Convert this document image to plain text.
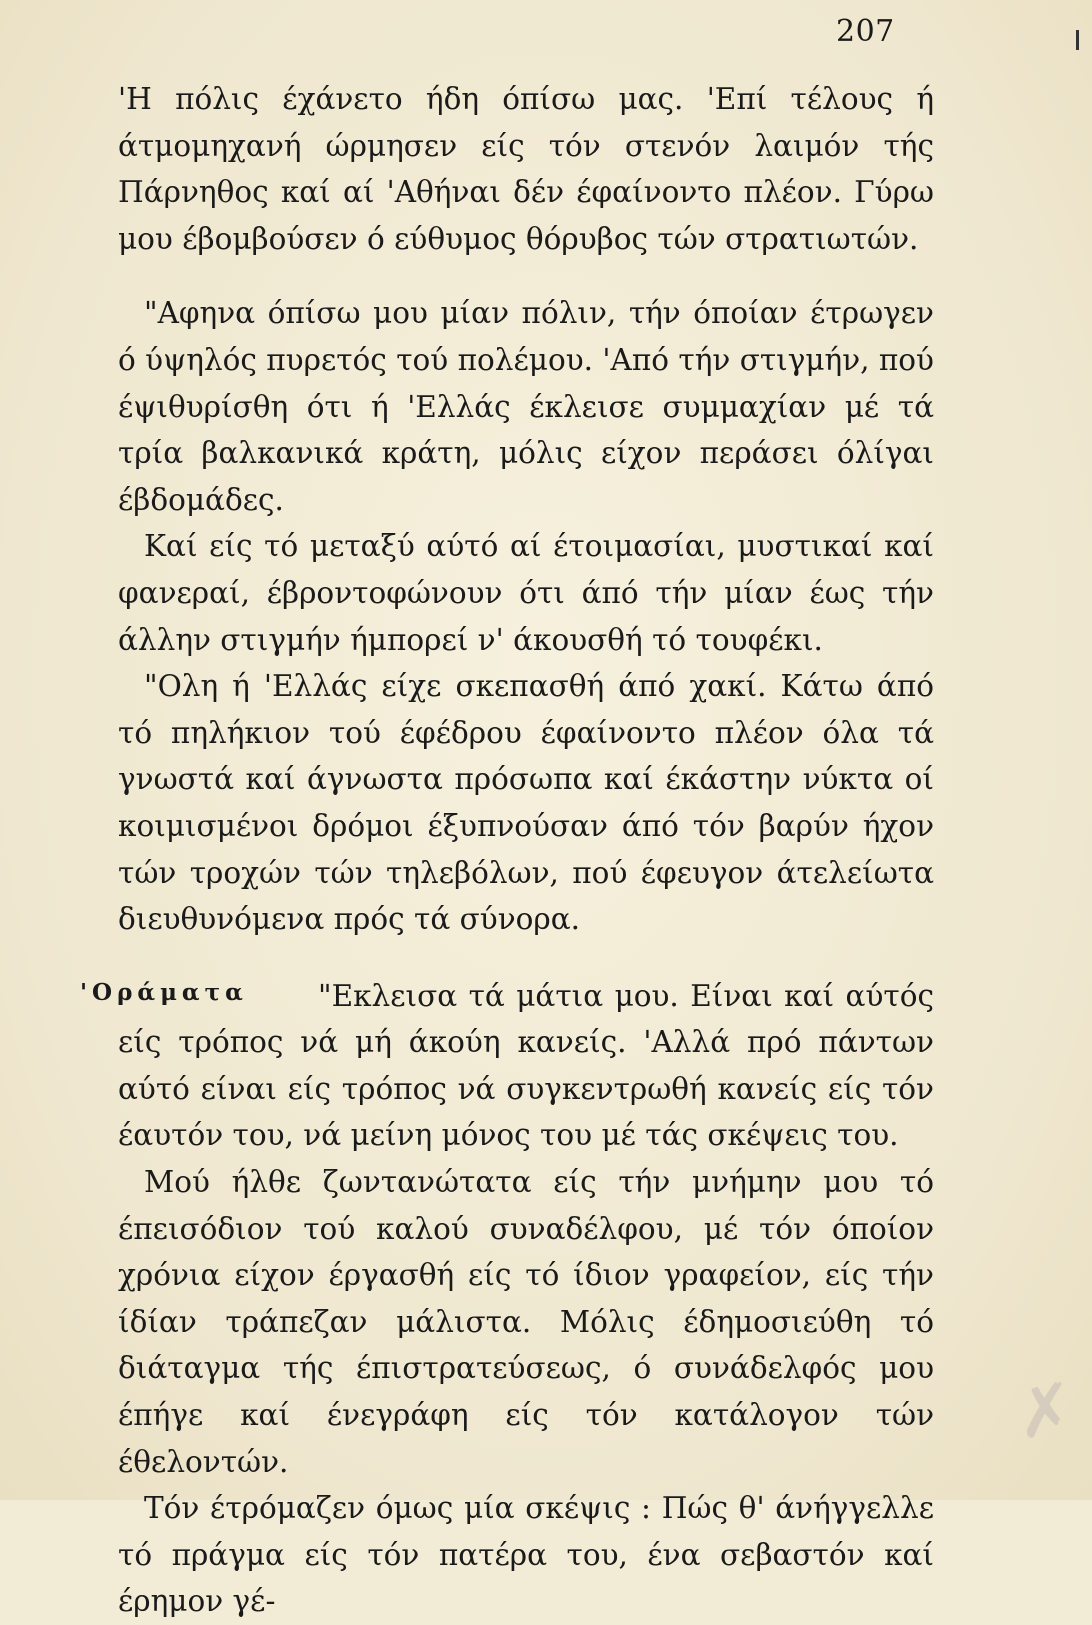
207

'Η πόλις έχάνετο ήδη όπίσω μας. 'Επί τέλους ή άτμομηχανή ώρμησεν είς τόν στενόν λαιμόν τής Πάρνηθος καί αί 'Αθήναι δέν έφαίνοντο πλέον. Γύρω μου έβομβούσεν ό εύθυμος θόρυβος τών στρατιωτών.

"Αφηνα όπίσω μου μίαν πόλιν, τήν όποίαν έτρωγεν ό ύψηλός πυρετός τού πολέμου. 'Από τήν στιγμήν, πού έψιθυρίσθη ότι ή 'Ελλάς έκλεισε συμμαχίαν μέ τά τρία βαλκανικά κράτη, μόλις είχον περάσει όλίγαι έβδομάδες.

Καί είς τό μεταξύ αύτό αί έτοιμασίαι, μυστικαί καί φανεραί, έβροντοφώνουν ότι άπό τήν μίαν έως τήν άλλην στιγμήν ήμπορεί ν' άκουσθή τό τουφέκι.

"Ολη ή 'Ελλάς είχε σκεπασθή άπό χακί. Κάτω άπό τό πηλήκιον τού έφέδρου έφαίνοντο πλέον όλα τά γνωστά καί άγνωστα πρόσωπα καί έκάστην νύκτα οί κοιμισμένοι δρόμοι έξυπνούσαν άπό τόν βαρύν ήχον τών τροχών τών τηλεβόλων, πού έφευγον άτελείωτα διευθυνόμενα πρός τά σύνορα.

'Οράματα	"Εκλεισα τά μάτια μου. Είναι καί αύτός είς τρόπος νά μή άκούη κανείς. 'Αλλά πρό πάντων αύτό είναι είς τρόπος νά συγκεντρωθή κανείς είς τόν έαυτόν του, νά μείνη μόνος του μέ τάς σκέψεις του.

Μού ήλθε ζωντανώτατα είς τήν μνήμην μου τό έπεισόδιον τού καλού συναδέλφου, μέ τόν όποίον χρόνια είχον έργασθή είς τό ίδιον γραφείον, είς τήν ίδίαν τράπεζαν μάλιστα. Μόλις έδημοσιεύθη τό διάταγμα τής έπιστρατεύσεως, ό συνάδελφός μου έπήγε καί ένεγράφη είς τόν κατάλογον τών έθελοντών.

Τόν έτρόμαζεν όμως μία σκέψις : Πώς θ' άνήγγελλε τό πράγμα είς τόν πατέρα του, ένα σεβαστόν καί έρημον γέ-

✗
